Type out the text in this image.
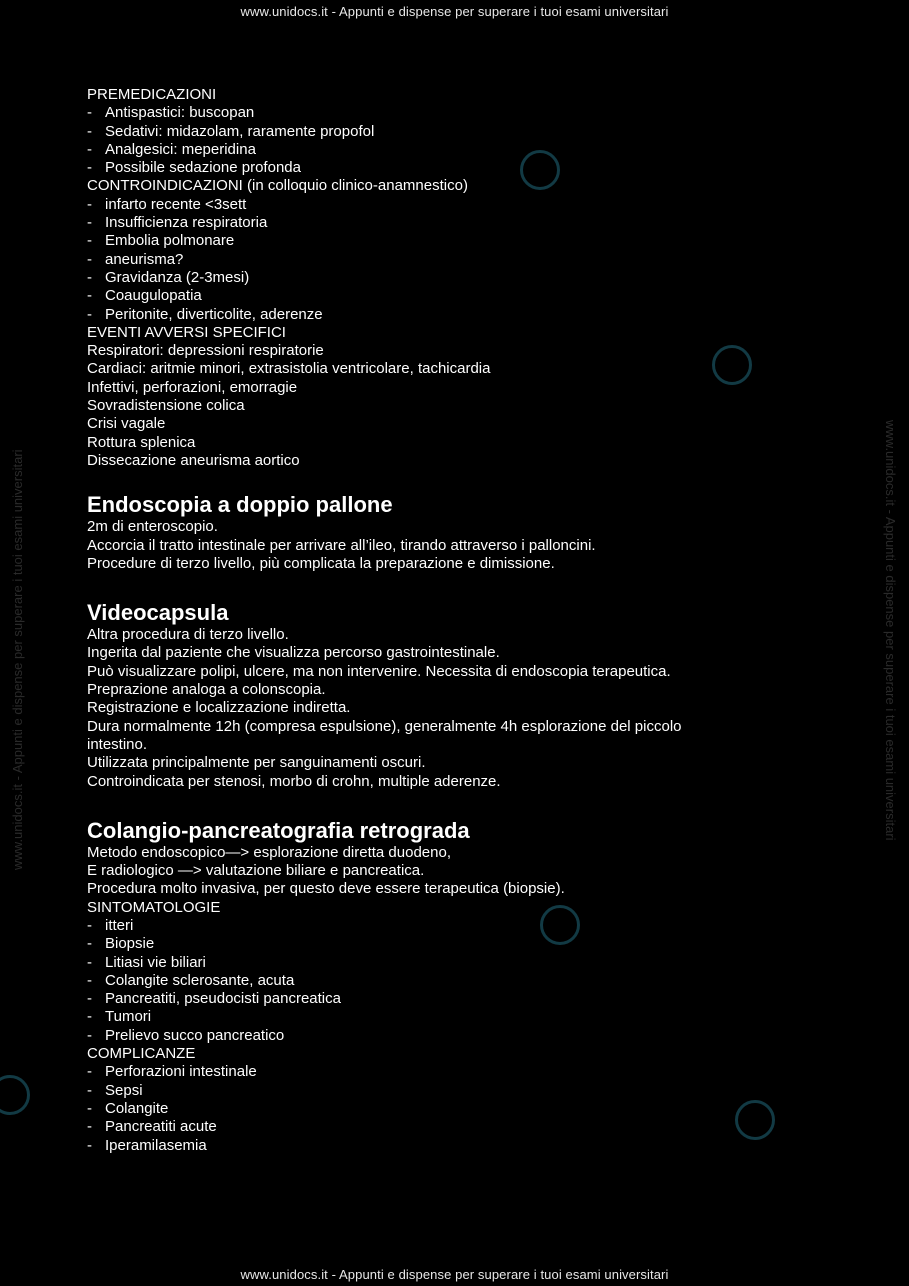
www.unidocs.it - Appunti e dispense per superare i tuoi esami universitari
www.unidocs.it - Appunti e dispense per superare i tuoi esami universitari
www.unidocs.it - Appunti e dispense per superare i tuoi esami universitari	www.unidocs.it - Appunti e dispense per superare i tuoi esami universitari
PREMEDICAZIONI
- Antispastici: buscopan
- Sedativi: midazolam, raramente propofol
- Analgesici: meperidina
- Possibile sedazione profonda
CONTROINDICAZIONI (in colloquio clinico-anamnestico)
- infarto recente <3sett
- Insufficienza respiratoria
- Embolia polmonare
- aneurisma?
- Gravidanza (2-3mesi)
- Coaugulopatia
- Peritonite, diverticolite, aderenze
EVENTI AVVERSI SPECIFICI
Respiratori: depressioni respiratorie
Cardiaci: aritmie minori, extrasistolia ventricolare, tachicardia
Infettivi, perforazioni, emorragie
Sovradistensione colica
Crisi vagale
Rottura splenica
Dissecazione aneurisma aortico
Endoscopia a doppio pallone
2m di enteroscopio.
Accorcia il tratto intestinale per arrivare all’ileo, tirando attraverso i palloncini.
Procedure di terzo livello, più complicata la preparazione e dimissione.
Videocapsula
Altra procedura di terzo livello.
Ingerita dal paziente che visualizza percorso gastrointestinale.
Può visualizzare polipi, ulcere, ma non intervenire. Necessita di endoscopia terapeutica.
Preprazione analoga a colonscopia.
Registrazione e localizzazione indiretta.
Dura normalmente 12h (compresa espulsione), generalmente 4h esplorazione del piccolo
intestino.
Utilizzata principalmente per sanguinamenti oscuri.
Controindicata per stenosi, morbo di crohn, multiple aderenze.
Colangio-pancreatografia retrograda
Metodo endoscopico—> esplorazione diretta duodeno,
E radiologico —> valutazione biliare e pancreatica.
Procedura molto invasiva, per questo deve essere terapeutica (biopsie).
SINTOMATOLOGIE
- itteri
- Biopsie
- Litiasi vie biliari
- Colangite sclerosante, acuta
- Pancreatiti, pseudocisti pancreatica
- Tumori
- Prelievo succo pancreatico
COMPLICANZE
- Perforazioni intestinale
- Sepsi
- Colangite
- Pancreatiti acute
- Iperamilasemia
